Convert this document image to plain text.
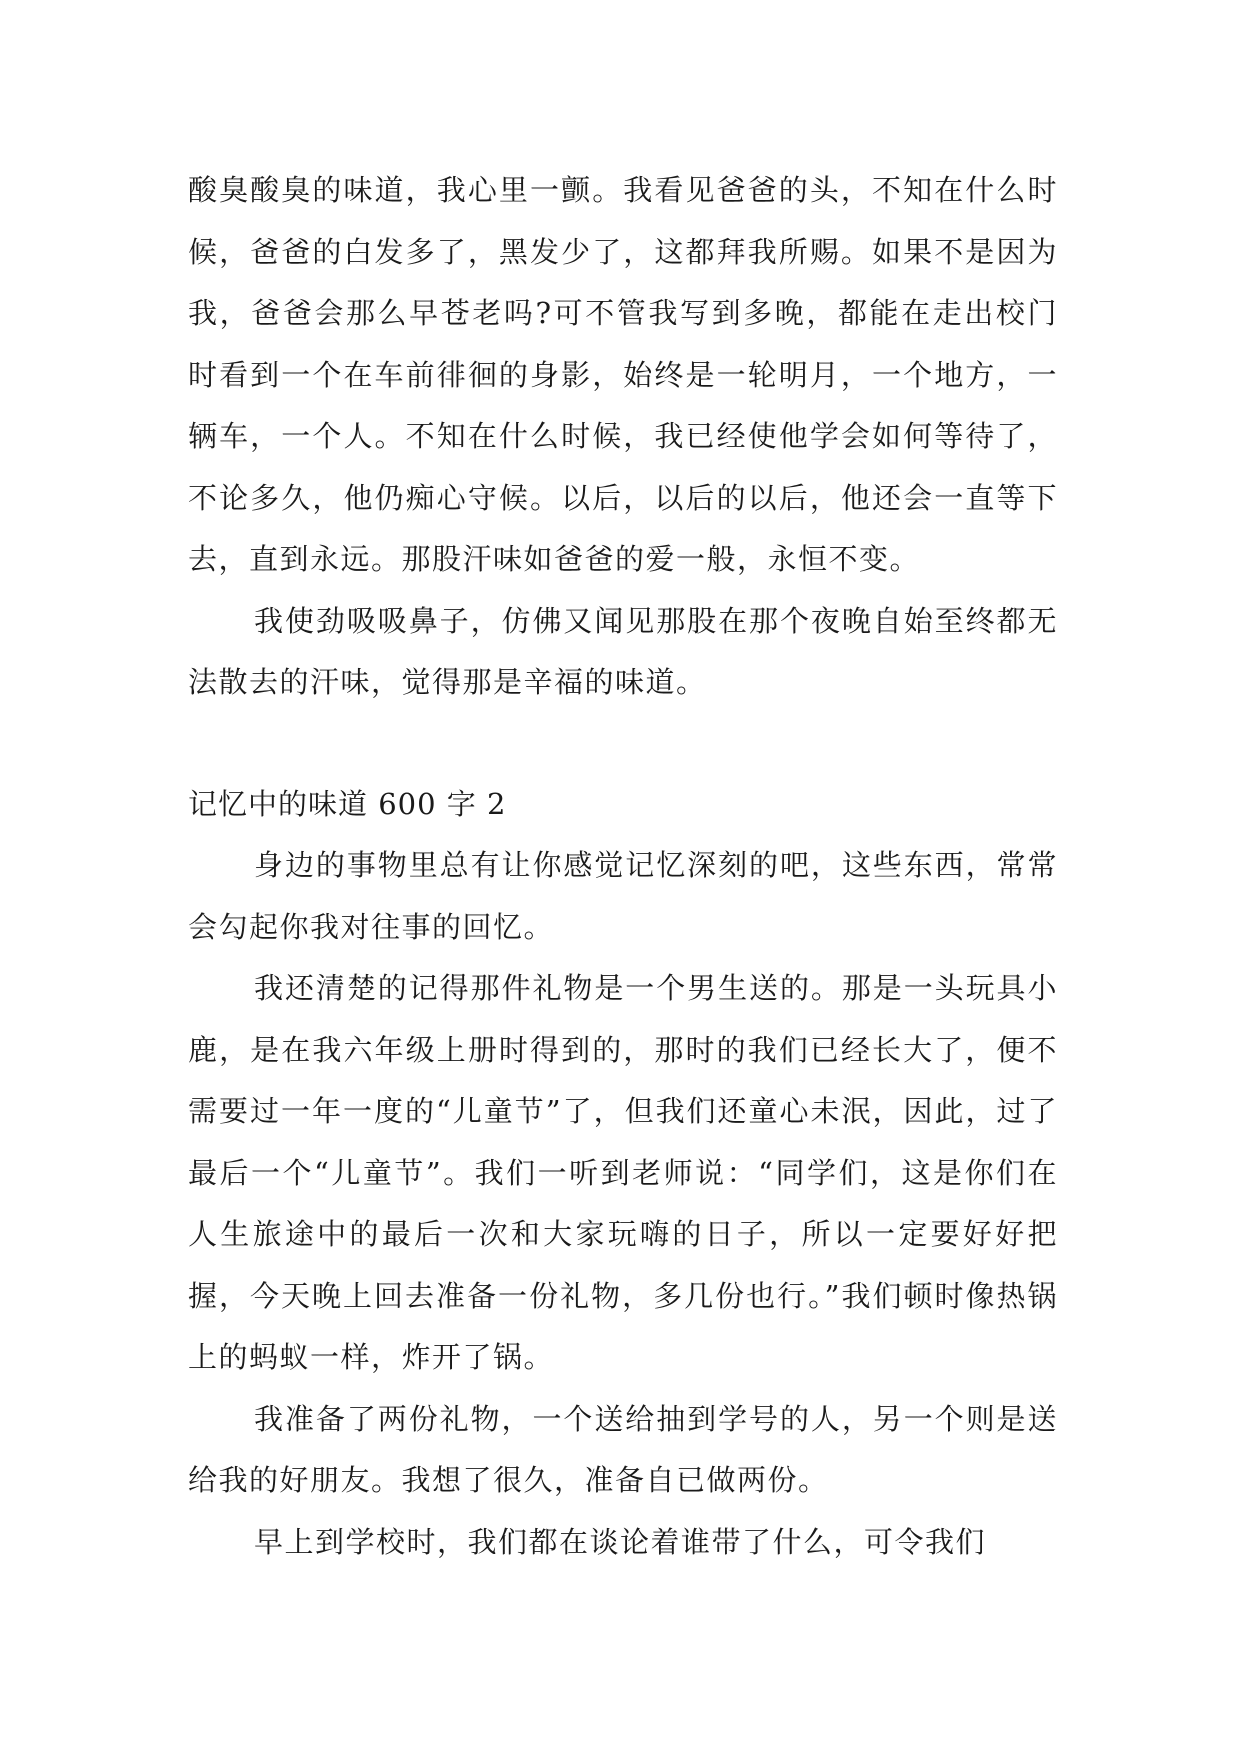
酸臭酸臭的味道，我心里一颤。我看见爸爸的头，不知在什么时候，爸爸的白发多了，黑发少了，这都拜我所赐。如果不是因为我，爸爸会那么早苍老吗?可不管我写到多晚，都能在走出校门时看到一个在车前徘徊的身影，始终是一轮明月，一个地方，一辆车，一个人。不知在什么时候，我已经使他学会如何等待了，不论多久，他仍痴心守候。以后，以后的以后，他还会一直等下去，直到永远。那股汗味如爸爸的爱一般，永恒不变。

我使劲吸吸鼻子，仿佛又闻见那股在那个夜晚自始至终都无法散去的汗味，觉得那是辛福的味道。

记忆中的味道 600 字 2

身边的事物里总有让你感觉记忆深刻的吧，这些东西，常常会勾起你我对往事的回忆。

我还清楚的记得那件礼物是一个男生送的。那是一头玩具小鹿，是在我六年级上册时得到的，那时的我们已经长大了，便不需要过一年一度的“儿童节”了，但我们还童心未泯，因此，过了最后一个“儿童节”。我们一听到老师说：“同学们，这是你们在人生旅途中的最后一次和大家玩嗨的日子，所以一定要好好把握，今天晚上回去准备一份礼物，多几份也行。”我们顿时像热锅上的蚂蚁一样，炸开了锅。

我准备了两份礼物，一个送给抽到学号的人，另一个则是送给我的好朋友。我想了很久，准备自已做两份。

早上到学校时，我们都在谈论着谁带了什么，可令我们
